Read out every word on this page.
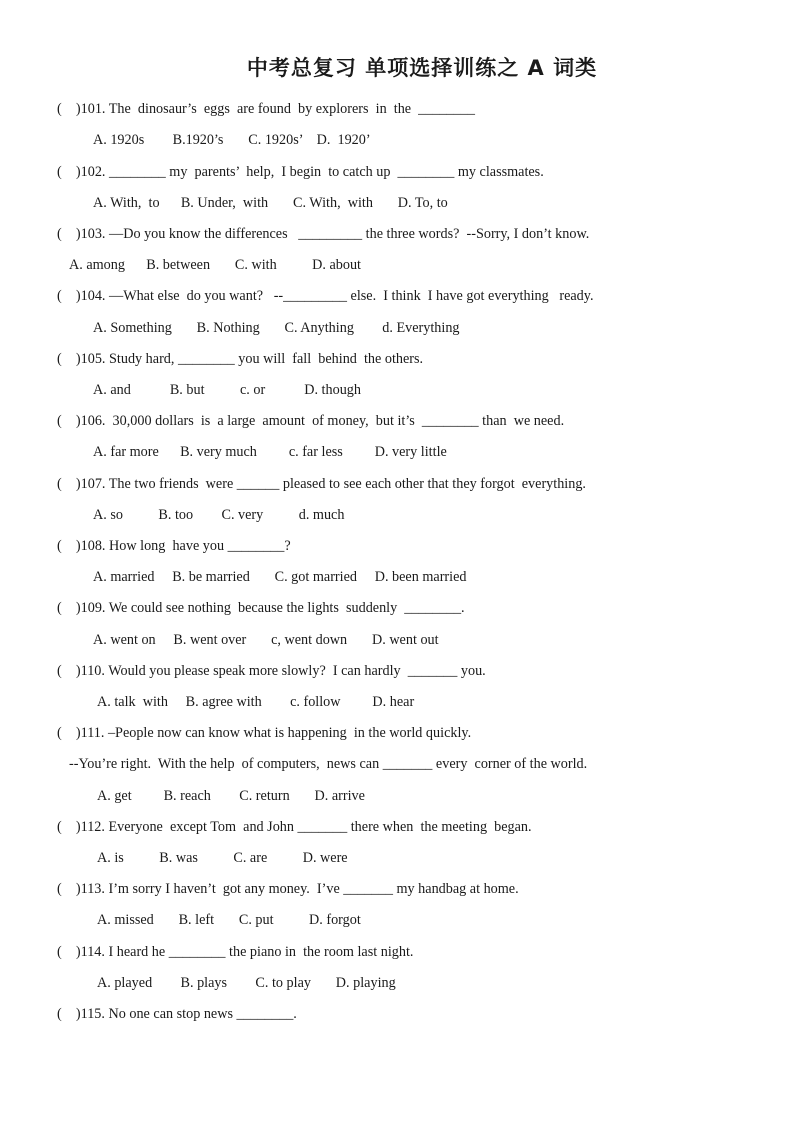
中考总复习 单项选择训练之 A 词类
(    )101. The  dinosaur’s  eggs  are found  by explorers  in  the  ________
A. 1920s        B.1920’s       C. 1920s’    D.  1920’
(    )102. ________ my  parents’  help,  I begin  to catch up  ________ my classmates.
A. With,  to      B. Under,  with       C. With,  with       D. To, to
(    )103. —Do you know the differences   _________ the three words?  --Sorry, I don’t know.
A. among      B. between       C. with          D. about
(    )104. —What else  do you want?   --_________ else.  I think  I have got everything   ready.
A. Something       B. Nothing       C. Anything        d. Everything
(    )105. Study hard, ________ you will  fall  behind  the others.
A. and           B. but          c. or           D. though
(    )106.  30,000 dollars  is  a large  amount  of money,  but it’s  ________ than  we need.
A. far more      B. very much         c. far less         D. very little
(    )107. The two friends  were ______ pleased to see each other that they forgot  everything.
A. so          B. too        C. very          d. much
(    )108. How long  have you ________?
A. married     B. be married       C. got married     D. been married
(    )109. We could see nothing  because the lights  suddenly  ________.
A. went on     B. went over       c, went down       D. went out
(    )110. Would you please speak more slowly?  I can hardly  _______ you.
A. talk  with     B. agree with        c. follow         D. hear
(    )111. –People now can know what is happening  in the world quickly.
--You’re right.  With the help  of computers,  news can _______ every  corner of the world.
A. get         B. reach        C. return       D. arrive
(    )112. Everyone  except Tom  and John _______ there when  the meeting  began.
A. is          B. was          C. are          D. were
(    )113. I’m sorry I haven’t  got any money.  I’ve _______ my handbag at home.
A. missed       B. left       C. put          D. forgot
(    )114. I heard he ________ the piano in  the room last night.
A. played        B. plays        C. to play       D. playing
(    )115. No one can stop news ________.
